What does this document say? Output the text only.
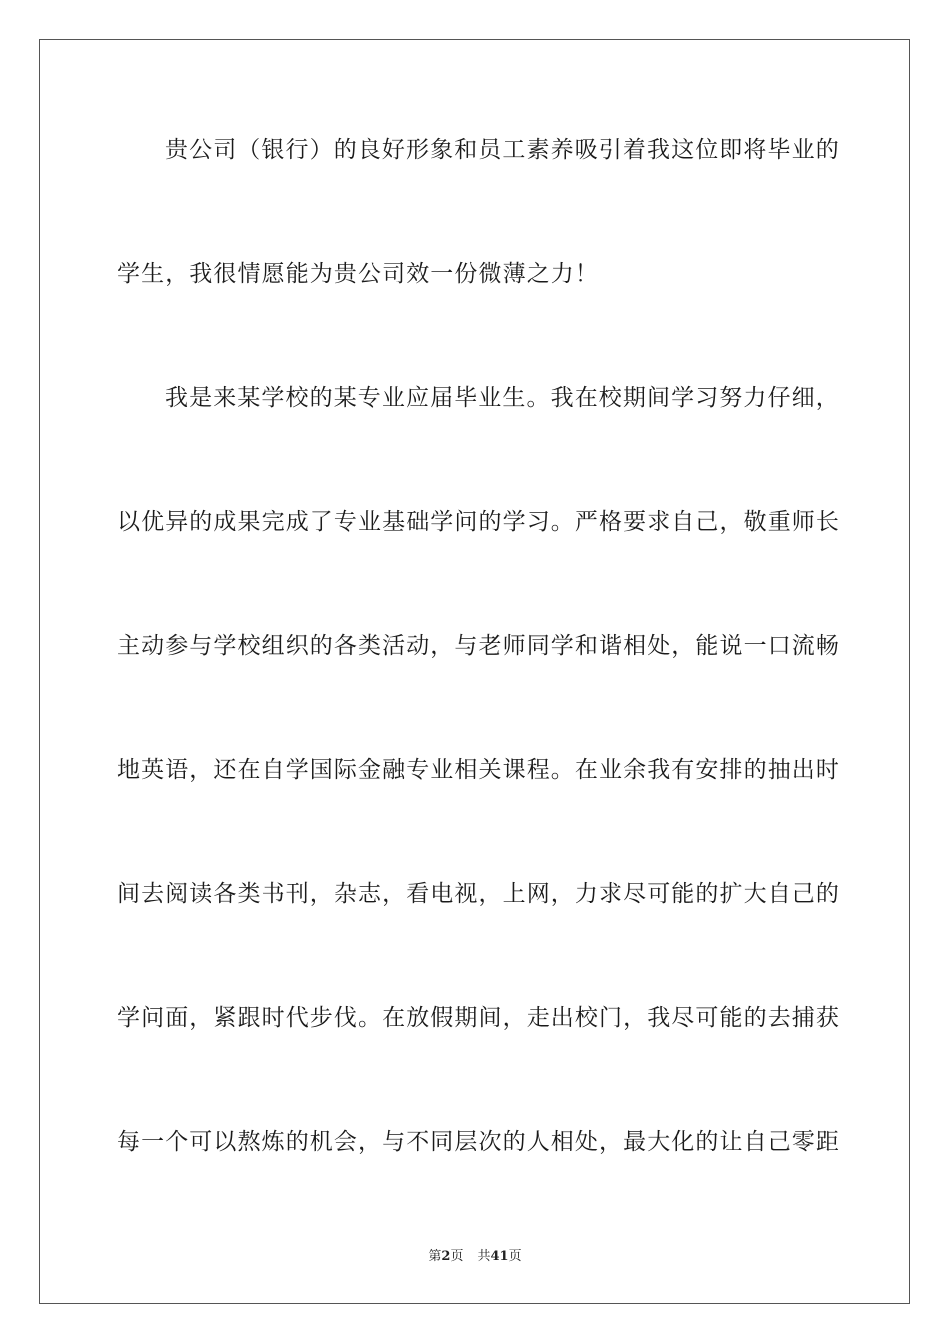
贵公司（银行）的良好形象和员工素养吸引着我这位即将毕业的
学生，我很情愿能为贵公司效一份微薄之力！
我是来某学校的某专业应届毕业生。我在校期间学习努力仔细，
以优异的成果完成了专业基础学问的学习。严格要求自己，敬重师长
主动参与学校组织的各类活动，与老师同学和谐相处，能说一口流畅
地英语，还在自学国际金融专业相关课程。在业余我有安排的抽出时
间去阅读各类书刊，杂志，看电视，上网，力求尽可能的扩大自己的
学问面，紧跟时代步伐。在放假期间，走出校门，我尽可能的去捕获
每一个可以熬炼的机会，与不同层次的人相处，最大化的让自己零距
第2页 共41页
